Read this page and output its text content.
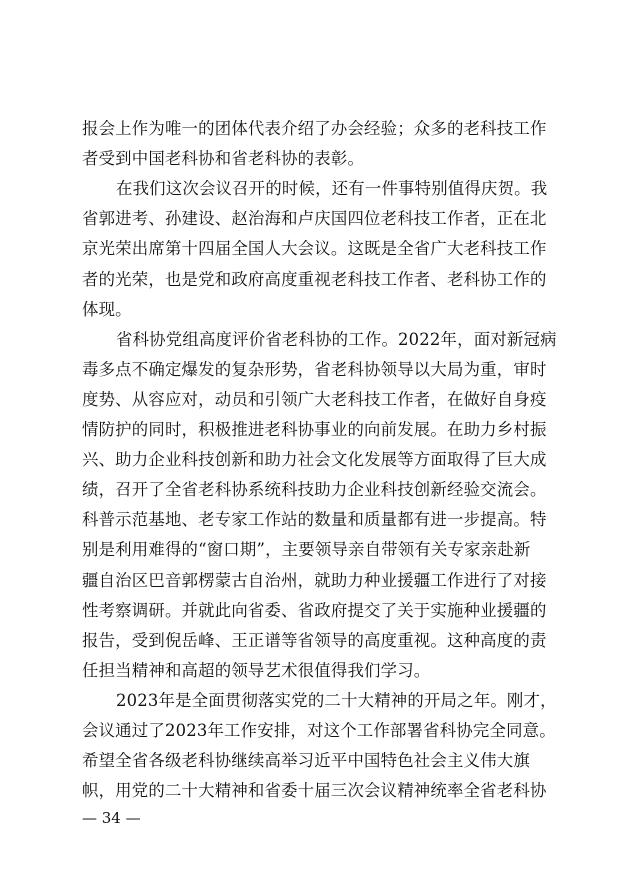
报会上作为唯一的团体代表介绍了办会经验；众多的老科技工作
者受到中国老科协和省老科协的表彰。
在我们这次会议召开的时候，还有一件事特别值得庆贺。我
省郭进考、孙建设、赵治海和卢庆国四位老科技工作者，正在北
京光荣出席第十四届全国人大会议。这既是全省广大老科技工作
者的光荣，也是党和政府高度重视老科技工作者、老科协工作的
体现。
省科协党组高度评价省老科协的工作。2022年，面对新冠病
毒多点不确定爆发的复杂形势，省老科协领导以大局为重，审时
度势、从容应对，动员和引领广大老科技工作者，在做好自身疫
情防护的同时，积极推进老科协事业的向前发展。在助力乡村振
兴、助力企业科技创新和助力社会文化发展等方面取得了巨大成
绩，召开了全省老科协系统科技助力企业科技创新经验交流会。
科普示范基地、老专家工作站的数量和质量都有进一步提高。特
别是利用难得的“窗口期”，主要领导亲自带领有关专家亲赴新
疆自治区巴音郭楞蒙古自治州，就助力种业援疆工作进行了对接
性考察调研。并就此向省委、省政府提交了关于实施种业援疆的
报告，受到倪岳峰、王正谱等省领导的高度重视。这种高度的责
任担当精神和高超的领导艺术很值得我们学习。
2023年是全面贯彻落实党的二十大精神的开局之年。刚才，
会议通过了2023年工作安排，对这个工作部署省科协完全同意。
希望全省各级老科协继续高举习近平中国特色社会主义伟大旗
帜，用党的二十大精神和省委十届三次会议精神统率全省老科协
— 34 —
